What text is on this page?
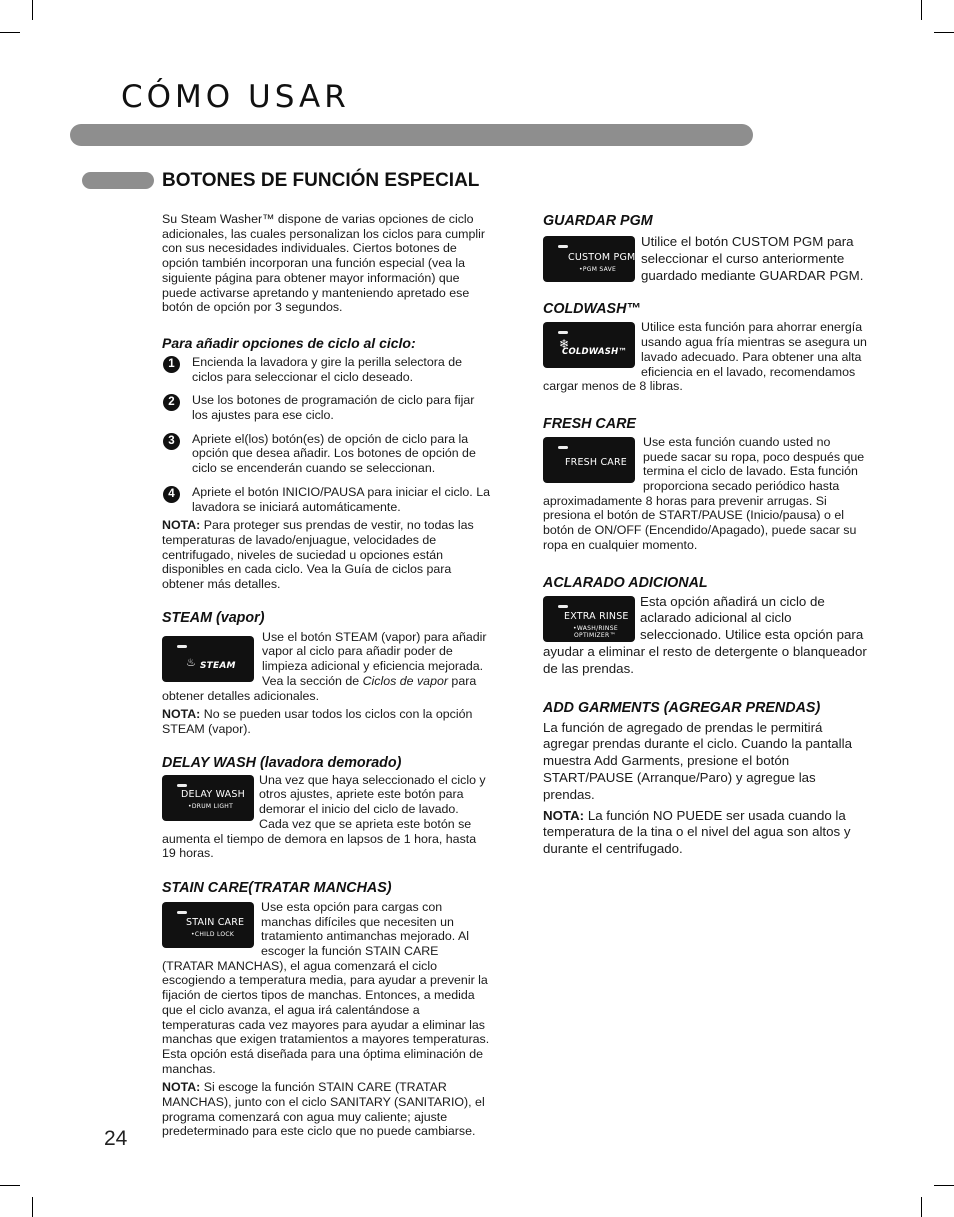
CÓMO USAR
BOTONES DE FUNCIÓN ESPECIAL

Su Steam Washer™ dispone de varias opciones de ciclo adicionales, las cuales personalizan los ciclos para cumplir con sus necesidades individuales. Ciertos botones de opción también incorporan una función especial (vea la siguiente página para obtener mayor información) que puede activarse apretando y manteniendo apretado ese botón de opción por 3 segundos.

Para añadir opciones de ciclo al ciclo:

1	Encienda la lavadora y gire la perilla selectora de ciclos para seleccionar el ciclo deseado.

2	Use los botones de programación de ciclo para fijar los ajustes para ese ciclo.

3	Apriete el(los) botón(es) de opción de ciclo para la opción que desea añadir. Los botones de opción de ciclo se encenderán cuando se seleccionan.

4	Apriete el botón INICIO/PAUSA para iniciar el ciclo. La lavadora se iniciará automáticamente.

NOTA: Para proteger sus prendas de vestir, no todas las temperaturas de lavado/enjuague, velocidades de centrifugado, niveles de suciedad u opciones están disponibles en cada ciclo. Vea la Guía de ciclos para obtener más detalles.

STEAM (vapor)

♨ STEAM

Use el botón STEAM (vapor) para añadir vapor al ciclo para añadir poder de limpieza adicional y eficiencia mejorada. Vea la sección de Ciclos de vapor para obtener detalles adicionales.

NOTA: No se pueden usar todos los ciclos con la opción STEAM (vapor).

DELAY WASH (lavadora demorado)

DELAY WASH
•DRUM LIGHT

Una vez que haya seleccionado el ciclo y otros ajustes, apriete este botón para demorar el inicio del ciclo de lavado. Cada vez que se aprieta este botón se aumenta el tiempo de demora en lapsos de 1 hora, hasta 19 horas.

STAIN CARE(TRATAR MANCHAS)

STAIN CARE
•CHILD LOCK

Use esta opción para cargas con manchas difíciles que necesiten un tratamiento antimanchas mejorado. Al escoger la función STAIN CARE (TRATAR MANCHAS), el agua comenzará el ciclo escogiendo a temperatura media, para ayudar a prevenir la fijación de ciertos tipos de manchas. Entonces, a medida que el ciclo avanza, el agua irá calentándose a temperaturas cada vez mayores para ayudar a eliminar las manchas que exigen tratamientos a mayores temperaturas. Esta opción está diseñada para una óptima eliminación de manchas.

NOTA: Si escoge la función STAIN CARE (TRATAR MANCHAS), junto con el ciclo SANITARY (SANITARIO), el programa comenzará con agua muy caliente; ajuste predeterminado para este ciclo que no puede cambiarse.

GUARDAR PGM

CUSTOM PGM
•PGM SAVE

Utilice el botón CUSTOM PGM para seleccionar el curso anteriormente guardado mediante GUARDAR PGM.

COLDWASH™

❄
COLDWASH™

Utilice esta función para ahorrar energía usando agua fría mientras se asegura un lavado adecuado. Para obtener una alta eficiencia en el lavado, recomendamos cargar menos de 8 libras.

FRESH CARE

FRESH CARE

Use esta función cuando usted no puede sacar su ropa, poco después que termina el ciclo de lavado. Esta función proporciona secado periódico hasta aproximadamente 8 horas para prevenir arrugas. Si presiona el botón de START/PAUSE (Inicio/pausa) o el botón de ON/OFF (Encendido/Apagado), puede sacar su ropa en cualquier momento.

ACLARADO ADICIONAL

EXTRA RINSE
•WASH/RINSE
OPTIMIZER™

Esta opción añadirá un ciclo de aclarado adicional al ciclo seleccionado. Utilice esta opción para ayudar a eliminar el resto de detergente o blanqueador de las prendas.

ADD GARMENTS (AGREGAR PRENDAS)

La función de agregado de prendas le permitirá agregar prendas durante el ciclo. Cuando la pantalla muestra Add Garments, presione el botón START/PAUSE (Arranque/Paro) y agregue las prendas.

NOTA: La función NO PUEDE ser usada cuando la temperatura de la tina o el nivel del agua son altos y durante el centrifugado.

24
